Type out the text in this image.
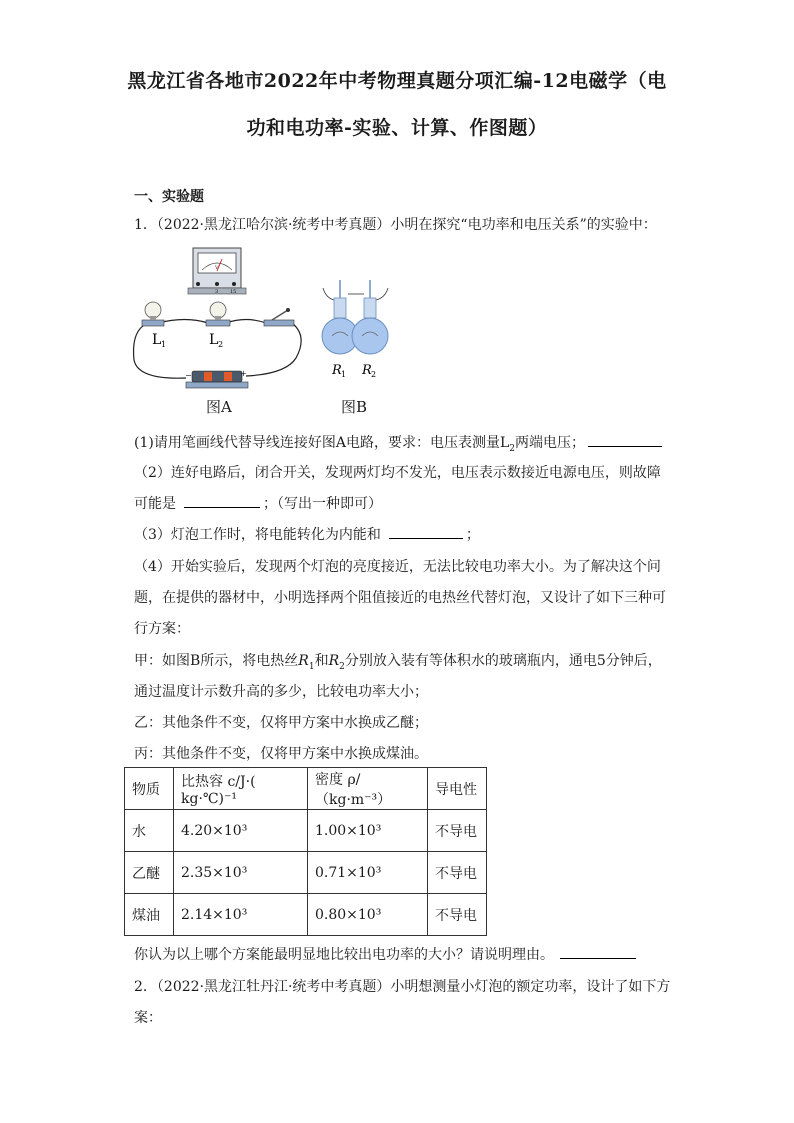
黑龙江省各地市2022年中考物理真题分项汇编-12电磁学（电
功和电功率-实验、计算、作图题）
一、实验题
1．（2022·黑龙江哈尔滨·统考中考真题）小明在探究“电功率和电压关系”的实验中：
V
3 15
−	+
L 1	L 2
图A
R 1 R 2
图B
(1)请用笔画线代替导线连接好图A电路，要求：电压表测量$L_2$两端电压；
（2）连好电路后，闭合开关，发现两灯均不发光，电压表示数接近电源电压，则故障
可能是	；（写出一种即可）
（3）灯泡工作时，将电能转化为内能和	；
（4）开始实验后，发现两个灯泡的亮度接近，无法比较电功率大小。为了解决这个问
题，在提供的器材中，小明选择两个阻值接近的电热丝代替灯泡，又设计了如下三种可
行方案：
甲：如图B所示，将电热丝$R_1$和$R_2$分别放入装有等体积水的玻璃瓶内，通电5分钟后，
通过温度计示数升高的多少，比较电功率大小；
乙：其他条件不变，仅将甲方案中水换成乙醚；
丙：其他条件不变，仅将甲方案中水换成煤油。
物质	比热容 c/J·( kg·℃)⁻¹	密度 ρ/（kg·m⁻³）	导电性
水	4.20×10³	1.00×10³	不导电
乙醚	2.35×10³	0.71×10³	不导电
煤油	2.14×10³	0.80×10³	不导电
你认为以上哪个方案能最明显地比较出电功率的大小？请说明理由。
2．（2022·黑龙江牡丹江·统考中考真题）小明想测量小灯泡的额定功率，设计了如下方
案：
